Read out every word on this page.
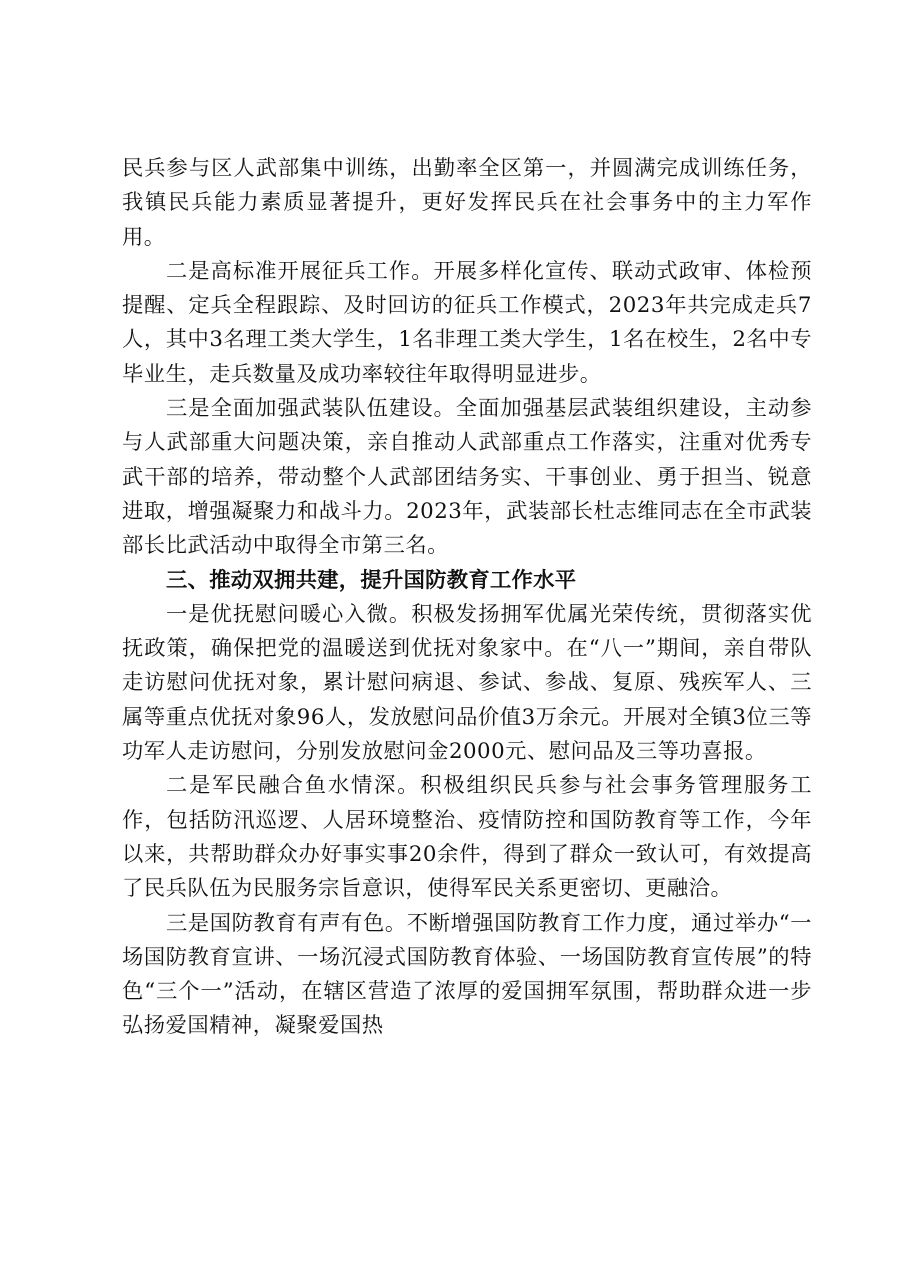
民兵参与区人武部集中训练，出勤率全区第一，并圆满完成训练任务，我镇民兵能力素质显著提升，更好发挥民兵在社会事务中的主力军作用。

二是高标准开展征兵工作。开展多样化宣传、联动式政审、体检预提醒、定兵全程跟踪、及时回访的征兵工作模式，2023年共完成走兵7人，其中3名理工类大学生，1名非理工类大学生，1名在校生，2名中专毕业生，走兵数量及成功率较往年取得明显进步。

三是全面加强武装队伍建设。全面加强基层武装组织建设，主动参与人武部重大问题决策，亲自推动人武部重点工作落实，注重对优秀专武干部的培养，带动整个人武部团结务实、干事创业、勇于担当、锐意进取，增强凝聚力和战斗力。2023年，武装部长杜志维同志在全市武装部长比武活动中取得全市第三名。

三、推动双拥共建，提升国防教育工作水平

一是优抚慰问暖心入微。积极发扬拥军优属光荣传统，贯彻落实优抚政策，确保把党的温暖送到优抚对象家中。在“八一”期间，亲自带队走访慰问优抚对象，累计慰问病退、参试、参战、复原、残疾军人、三属等重点优抚对象96人，发放慰问品价值3万余元。开展对全镇3位三等功军人走访慰问，分别发放慰问金2000元、慰问品及三等功喜报。

二是军民融合鱼水情深。积极组织民兵参与社会事务管理服务工作，包括防汛巡逻、人居环境整治、疫情防控和国防教育等工作，今年以来，共帮助群众办好事实事20余件，得到了群众一致认可，有效提高了民兵队伍为民服务宗旨意识，使得军民关系更密切、更融洽。

三是国防教育有声有色。不断增强国防教育工作力度，通过举办“一场国防教育宣讲、一场沉浸式国防教育体验、一场国防教育宣传展”的特色“三个一”活动，在辖区营造了浓厚的爱国拥军氛围，帮助群众进一步弘扬爱国精神，凝聚爱国热
